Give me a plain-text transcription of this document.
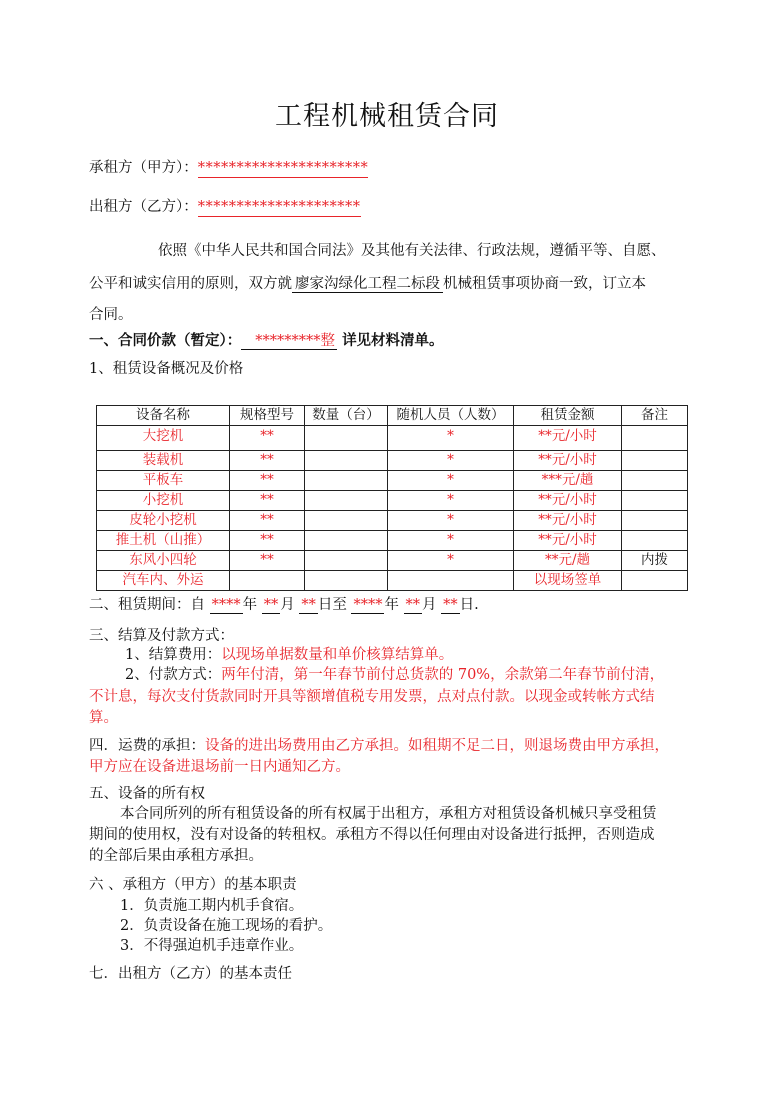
工程机械租赁合同
承租方（甲方）：**********************
出租方（乙方）：*********************
依照《中华人民共和国合同法》及其他有关法律、行政法规，遵循平等、自愿、
公平和诚实信用的原则，双方就 廖家沟绿化工程二标段 机械租赁事项协商一致，订立本
合同。
一、合同价款（暂定）： *********整 详见材料清单。
1、租赁设备概况及价格
设备名称	规格型号	数量（台）	随机人员（人数）	租赁金额	备注
大挖机	**		*	**元/小时	
装载机	**		*	**元/小时	
平板车	**		*	***元/趟	
小挖机	**		*	**元/小时	
皮轮小挖机	**		*	**元/小时	
推土机（山推）	**		*	**元/小时	
东风小四轮	**		*	**元/趟	内拨
汽车内、外运				以现场签单	
二、租赁期间：自 **** 年 ** 月 ** 日至 **** 年 ** 月 ** 日.
三、结算及付款方式：
1、结算费用：以现场单据数量和单价核算结算单。
2、付款方式：两年付清，第一年春节前付总货款的 70%，余款第二年春节前付清，
不计息，每次支付货款同时开具等额增值税专用发票，点对点付款。以现金或转帐方式结
算。
四．运费的承担：设备的进出场费用由乙方承担。如租期不足二日，则退场费由甲方承担，
甲方应在设备进退场前一日内通知乙方。
五、设备的所有权
本合同所列的所有租赁设备的所有权属于出租方，承租方对租赁设备机械只享受租赁
期间的使用权，没有对设备的转租权。承租方不得以任何理由对设备进行抵押，否则造成
的全部后果由承租方承担。
六 、承租方（甲方）的基本职责
1．负责施工期内机手食宿。
2．负责设备在施工现场的看护。
3．不得强迫机手违章作业。
七．出租方（乙方）的基本责任
